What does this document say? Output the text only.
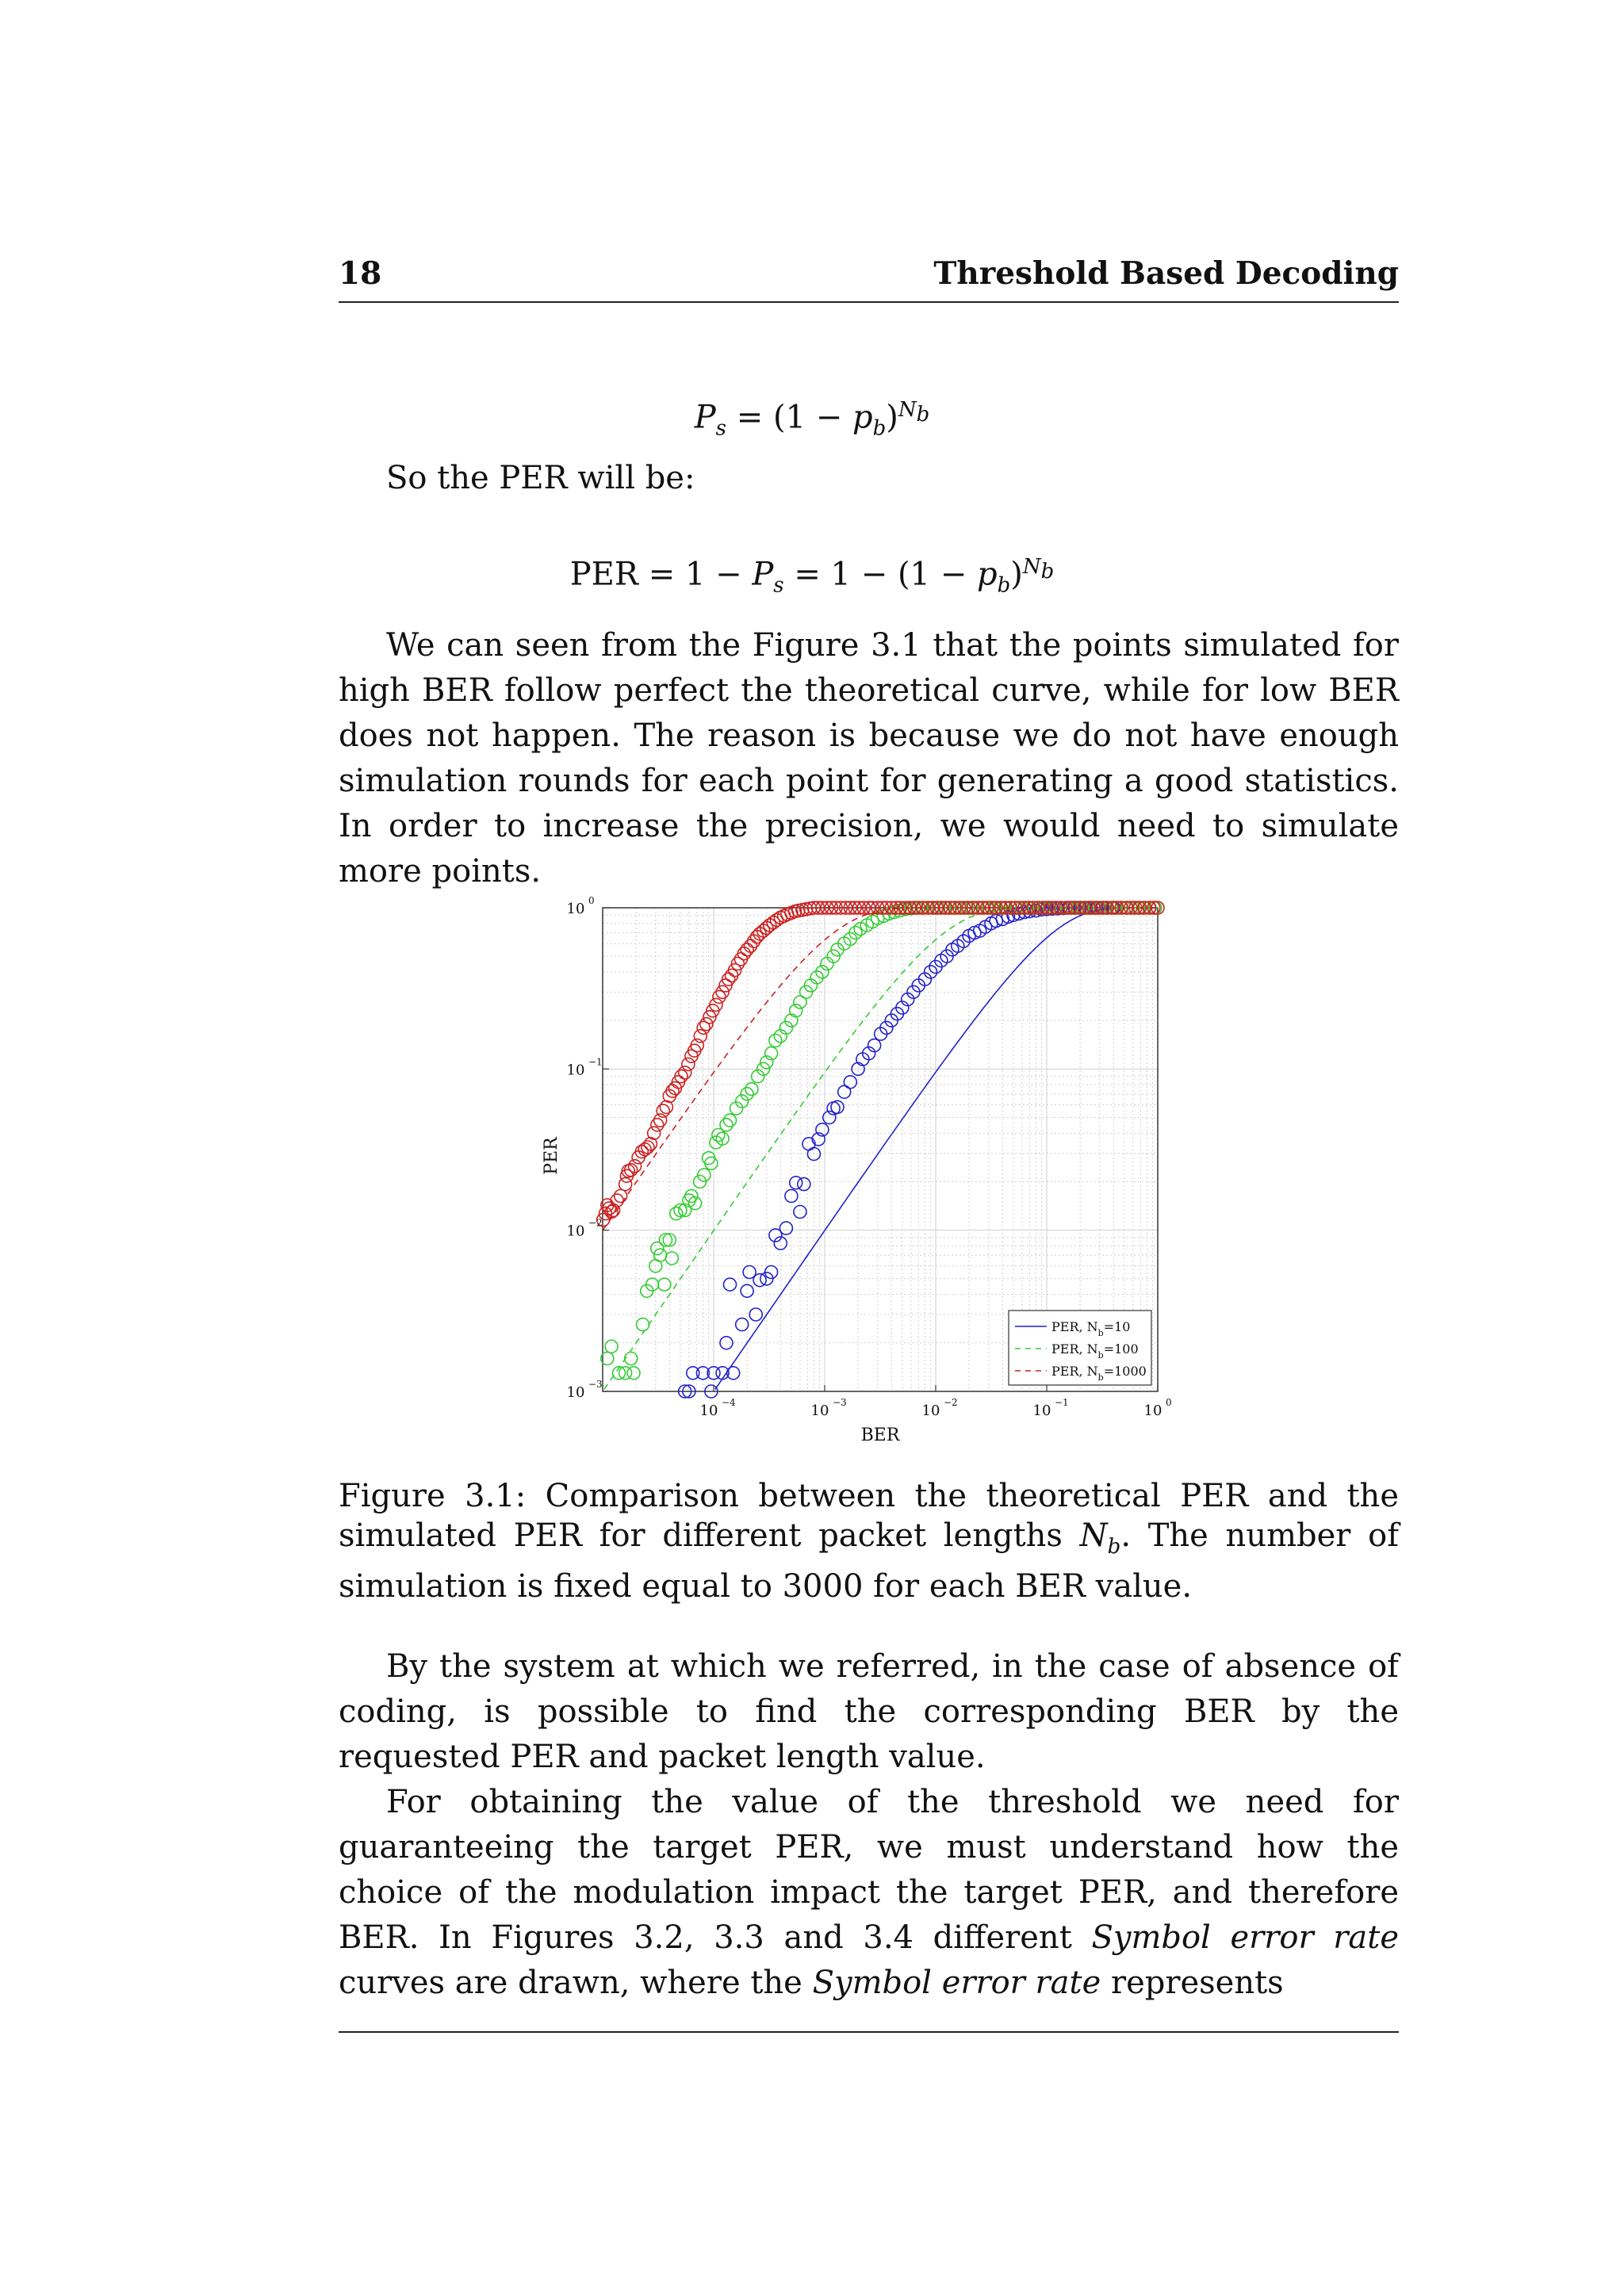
18	Threshold Based Decoding
$P_s = (1 - p_b)^{N_b}$
So the PER will be:
PER = $1 - P_s = 1 - (1 - p_b)^{N_b}$
We can seen from the Figure 3.1 that the points simulated for high BER follow perfect the theoretical curve, while for low BER does not happen. The reason is because we do not have enough simulation rounds for each point for generating a good statistics. In order to increase the precision, we would need to simulate more points.
10 −4	10 −3	10 −2	10 −1	10 0
10 −3
10 −2
10 −1
10 0
BER
PER
PER, $N_b=10$
PER, $N_b=100$
PER, $N_b=1000$
Figure 3.1: Comparison between the theoretical PER and the simulated PER for different packet lengths $N_b$. The number of simulation is fixed equal to 3000 for each BER value.
By the system at which we referred, in the case of absence of coding, is possible to find the corresponding BER by the requested PER and packet length value.
For obtaining the value of the threshold we need for guaranteeing the target PER, we must understand how the choice of the modulation impact the target PER, and therefore BER. In Figures 3.2, 3.3 and 3.4 different Symbol error rate curves are drawn, where the Symbol error rate represents
